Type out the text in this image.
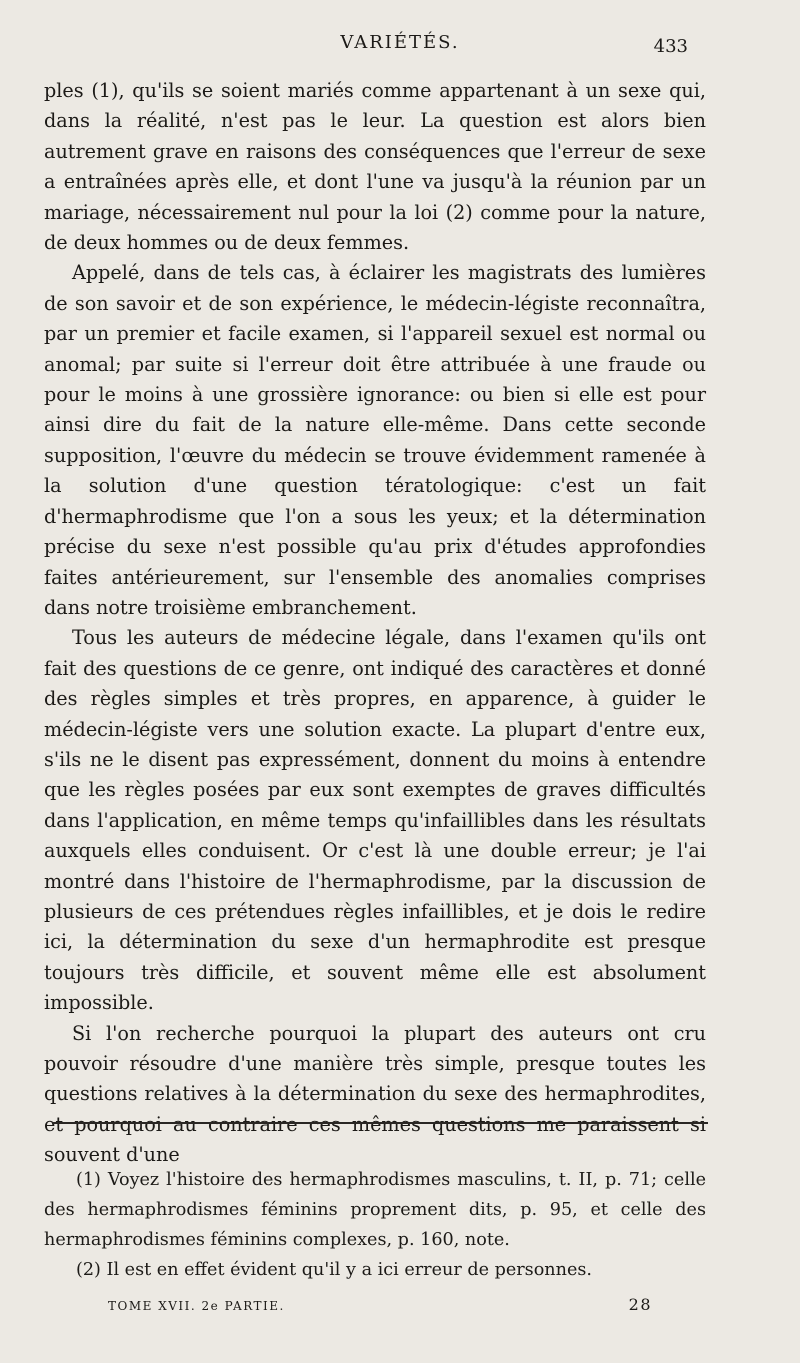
VARIÉTÉS.	433

ples (1), qu'ils se soient mariés comme appartenant à un sexe qui, dans la réalité, n'est pas le leur. La question est alors bien autrement grave en raisons des conséquences que l'erreur de sexe a entraînées après elle, et dont l'une va jusqu'à la réunion par un mariage, nécessairement nul pour la loi (2) comme pour la nature, de deux hommes ou de deux femmes.

Appelé, dans de tels cas, à éclairer les magistrats des lumières de son savoir et de son expérience, le médecin-légiste reconnaîtra, par un premier et facile examen, si l'appareil sexuel est normal ou anomal; par suite si l'erreur doit être attribuée à une fraude ou pour le moins à une grossière ignorance: ou bien si elle est pour ainsi dire du fait de la nature elle-même. Dans cette seconde supposition, l'œuvre du médecin se trouve évidemment ramenée à la solution d'une question tératologique: c'est un fait d'hermaphrodisme que l'on a sous les yeux; et la détermination précise du sexe n'est possible qu'au prix d'études approfondies faites antérieurement, sur l'ensemble des anomalies comprises dans notre troisième embranchement.

Tous les auteurs de médecine légale, dans l'examen qu'ils ont fait des questions de ce genre, ont indiqué des caractères et donné des règles simples et très propres, en apparence, à guider le médecin-légiste vers une solution exacte. La plupart d'entre eux, s'ils ne le disent pas expressément, donnent du moins à entendre que les règles posées par eux sont exemptes de graves difficultés dans l'application, en même temps qu'infaillibles dans les résultats auxquels elles conduisent. Or c'est là une double erreur; je l'ai montré dans l'histoire de l'hermaphrodisme, par la discussion de plusieurs de ces prétendues règles infaillibles, et je dois le redire ici, la détermination du sexe d'un hermaphrodite est presque toujours très difficile, et souvent même elle est absolument impossible.

Si l'on recherche pourquoi la plupart des auteurs ont cru pouvoir résoudre d'une manière très simple, presque toutes les questions relatives à la détermination du sexe des hermaphrodites, et pourquoi au contraire ces mêmes questions me paraissent si souvent d'une

(1) Voyez l'histoire des hermaphrodismes masculins, t. II, p. 71; celle des hermaphrodismes féminins proprement dits, p. 95, et celle des hermaphrodismes féminins complexes, p. 160, note.

(2) Il est en effet évident qu'il y a ici erreur de personnes.

TOME XVII. 2e PARTIE.	28
